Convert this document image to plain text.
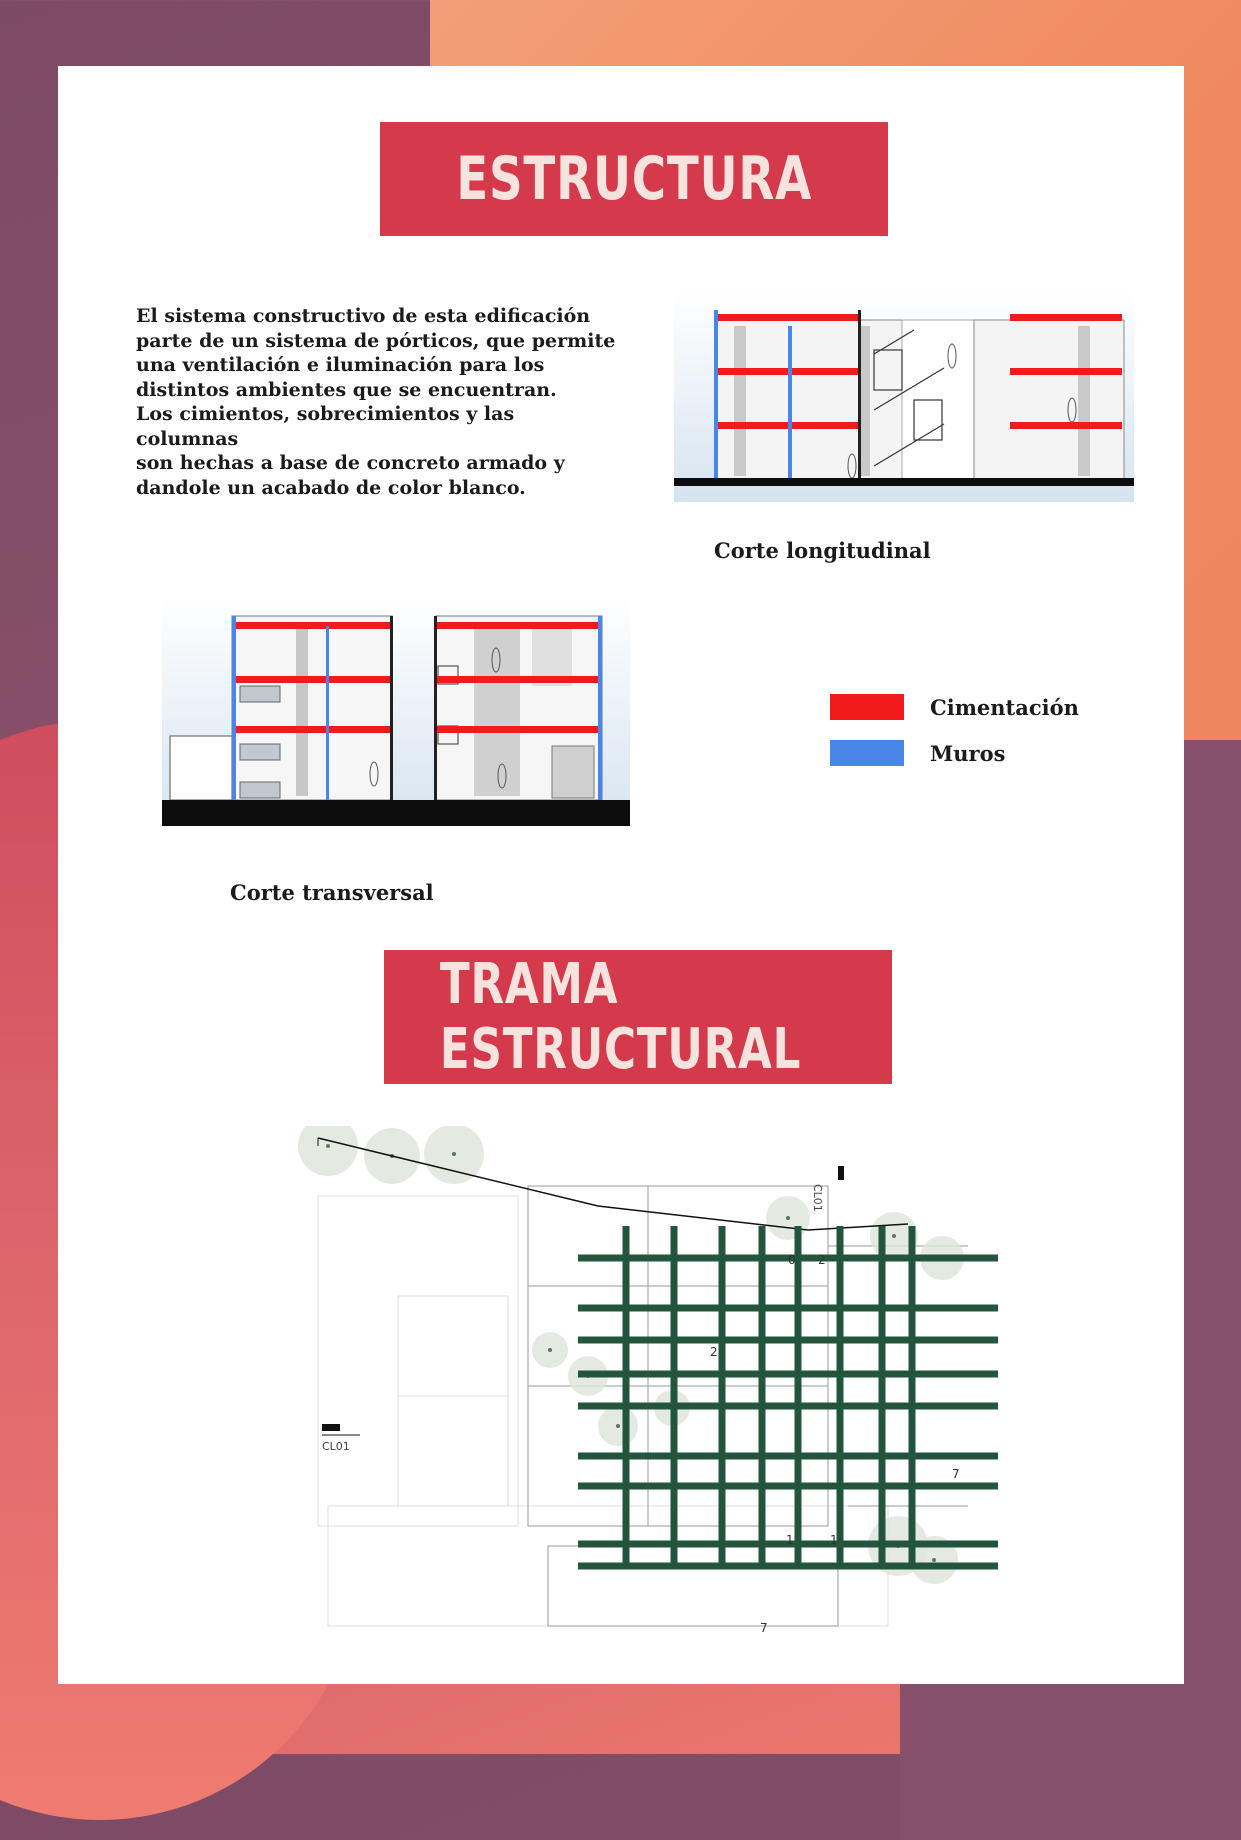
ESTRUCTURA
El sistema constructivo de esta edificación
parte de un sistema de pórticos, que permite
una ventilación e iluminación para los
distintos ambientes que se encuentran.
Los cimientos, sobrecimientos y las
columnas
son hechas a base de concreto armado y
dandole un acabado de color blanco.
Corte longitudinal
Corte transversal
Cimentación
Muros
TRAMA ESTRUCTURAL
7
7
1	1
2
2
0
CL01
CL01
